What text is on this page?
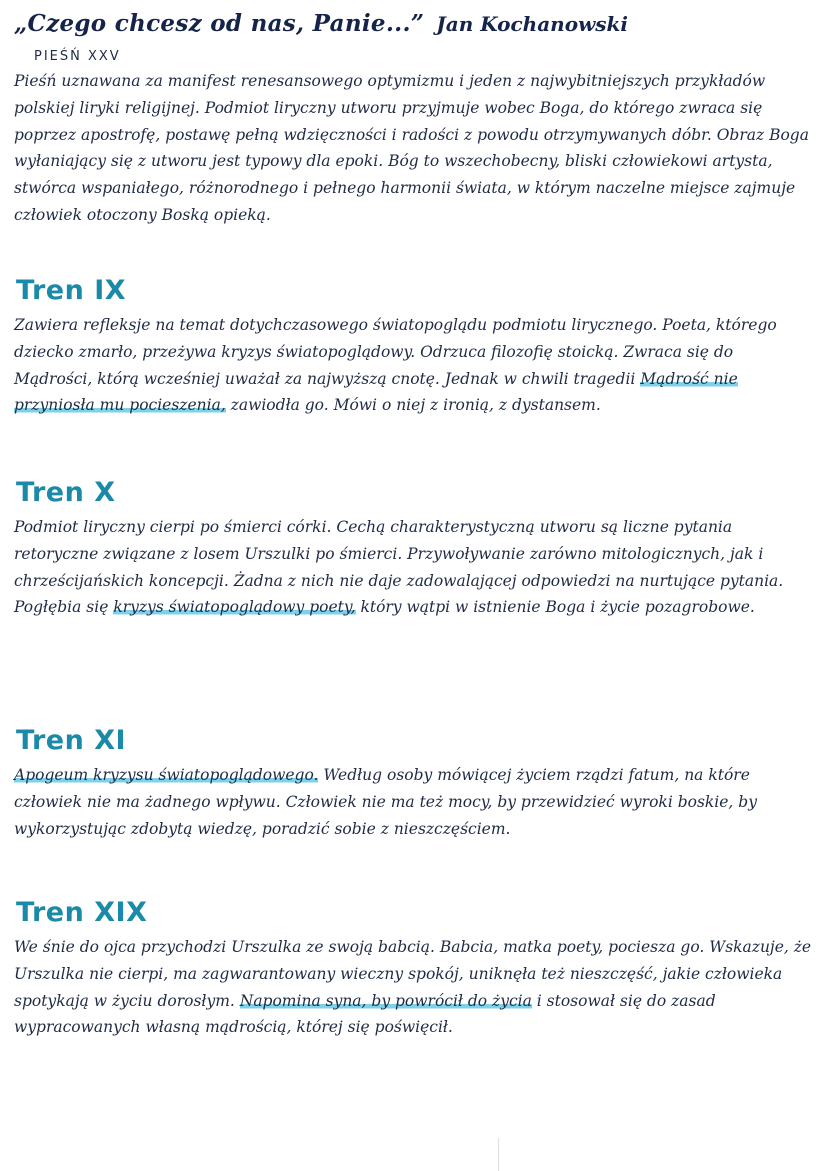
„Czego chcesz od nas, Panie...” Jan Kochanowski
PIEŚŃ XXV

Pieśń uznawana za manifest renesansowego optymizmu i jeden z najwybitniejszych przykładów polskiej liryki religijnej. Podmiot liryczny utworu przyjmuje wobec Boga, do którego zwraca się poprzez apostrofę, postawę pełną wdzięczności i radości z powodu otrzymywanych dóbr. Obraz Boga wyłaniający się z utworu jest typowy dla epoki. Bóg to wszechobecny, bliski człowiekowi artysta, stwórca wspaniałego, różnorodnego i pełnego harmonii świata, w którym naczelne miejsce zajmuje człowiek otoczony Boską opieką.

Tren IX

Zawiera refleksje na temat dotychczasowego światopoglądu podmiotu lirycznego. Poeta, którego dziecko zmarło, przeżywa kryzys światopoglądowy. Odrzuca filozofię stoicką. Zwraca się do Mądrości, którą wcześniej uważał za najwyższą cnotę. Jednak w chwili tragedii Mądrość nie przyniosła mu pocieszenia, zawiodła go. Mówi o niej z ironią, z dystansem.

Tren X

Podmiot liryczny cierpi po śmierci córki. Cechą charakterystyczną utworu są liczne pytania retoryczne związane z losem Urszulki po śmierci. Przywoływanie zarówno mitologicznych, jak i chrześcijańskich koncepcji. Żadna z nich nie daje zadowalającej odpowiedzi na nurtujące pytania. Pogłębia się kryzys światopoglądowy poety, który wątpi w istnienie Boga i życie pozagrobowe.

Tren XI

Apogeum kryzysu światopoglądowego. Według osoby mówiącej życiem rządzi fatum, na które człowiek nie ma żadnego wpływu. Człowiek nie ma też mocy, by przewidzieć wyroki boskie, by wykorzystując zdobytą wiedzę, poradzić sobie z nieszczęściem.

Tren XIX

We śnie do ojca przychodzi Urszulka ze swoją babcią. Babcia, matka poety, pociesza go. Wskazuje, że Urszulka nie cierpi, ma zagwarantowany wieczny spokój, uniknęła też nieszczęść, jakie człowieka spotykają w życiu dorosłym. Napomina syna, by powrócił do życia i stosował się do zasad wypracowanych własną mądrością, której się poświęcił.
